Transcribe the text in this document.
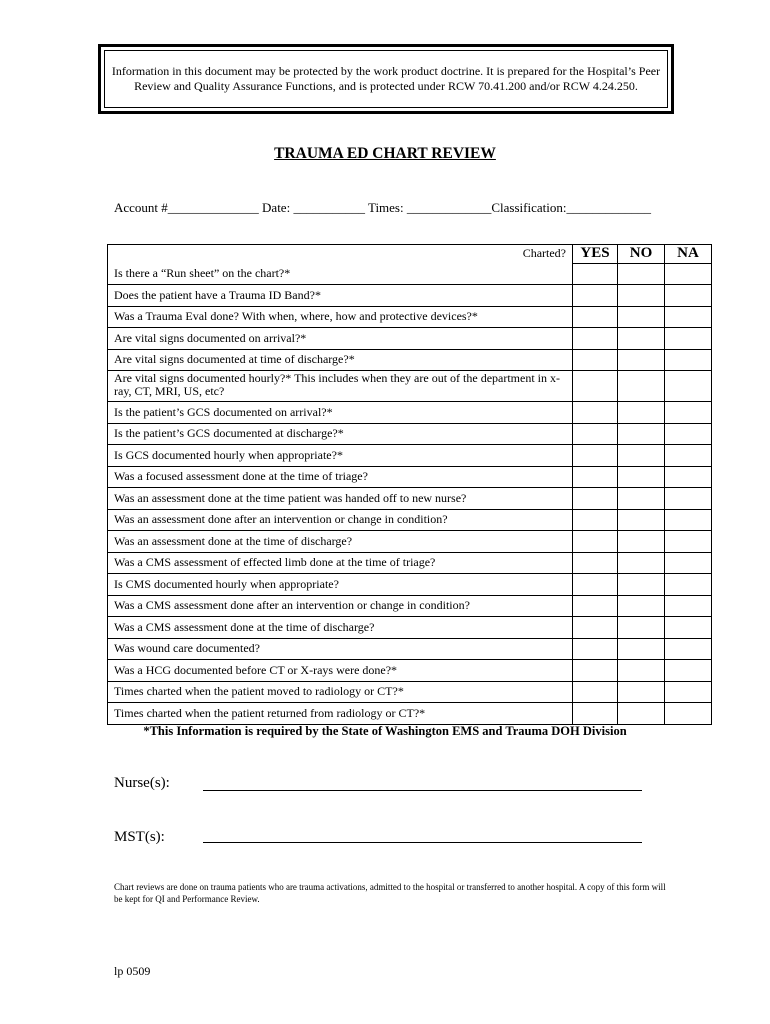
Information in this document may be protected by the work product doctrine. It is prepared for the Hospital’s Peer Review and Quality Assurance Functions, and is protected under RCW 70.41.200 and/or RCW 4.24.250.
TRAUMA ED CHART REVIEW
Account #______________ Date: ___________ Times: _____________Classification:_____________
Charted?	YES	NO	NA
Is there a “Run sheet” on the chart?*			
Does the patient have a Trauma ID Band?*			
Was a Trauma Eval done? With when, where, how and protective devices?*			
Are vital signs documented on arrival?*			
Are vital signs documented at time of discharge?*			
Are vital signs documented hourly?* This includes when they are out of the department in x-ray, CT, MRI, US, etc?			
Is the patient’s GCS documented on arrival?*			
Is the patient’s GCS documented at discharge?*			
Is GCS documented hourly when appropriate?*			
Was a focused assessment done at the time of triage?			
Was an assessment done at the time patient was handed off to new nurse?			
Was an assessment done after an intervention or change in condition?			
Was an assessment done at the time of discharge?			
Was a CMS assessment of effected limb done at the time of triage?			
Is CMS documented hourly when appropriate?			
Was a CMS assessment done after an intervention or change in condition?			
Was a CMS assessment done at the time of discharge?			
Was wound care documented?			
Was a HCG documented before CT or X-rays were done?*			
Times charted when the patient moved to radiology or CT?*			
Times charted when the patient returned from radiology or CT?*			
*This Information is required by the State of Washington EMS and Trauma DOH Division
Nurse(s):
MST(s):
Chart reviews are done on trauma patients who are trauma activations, admitted to the hospital or transferred to another hospital. A copy of this form will be kept for QI and Performance Review.
lp 0509
